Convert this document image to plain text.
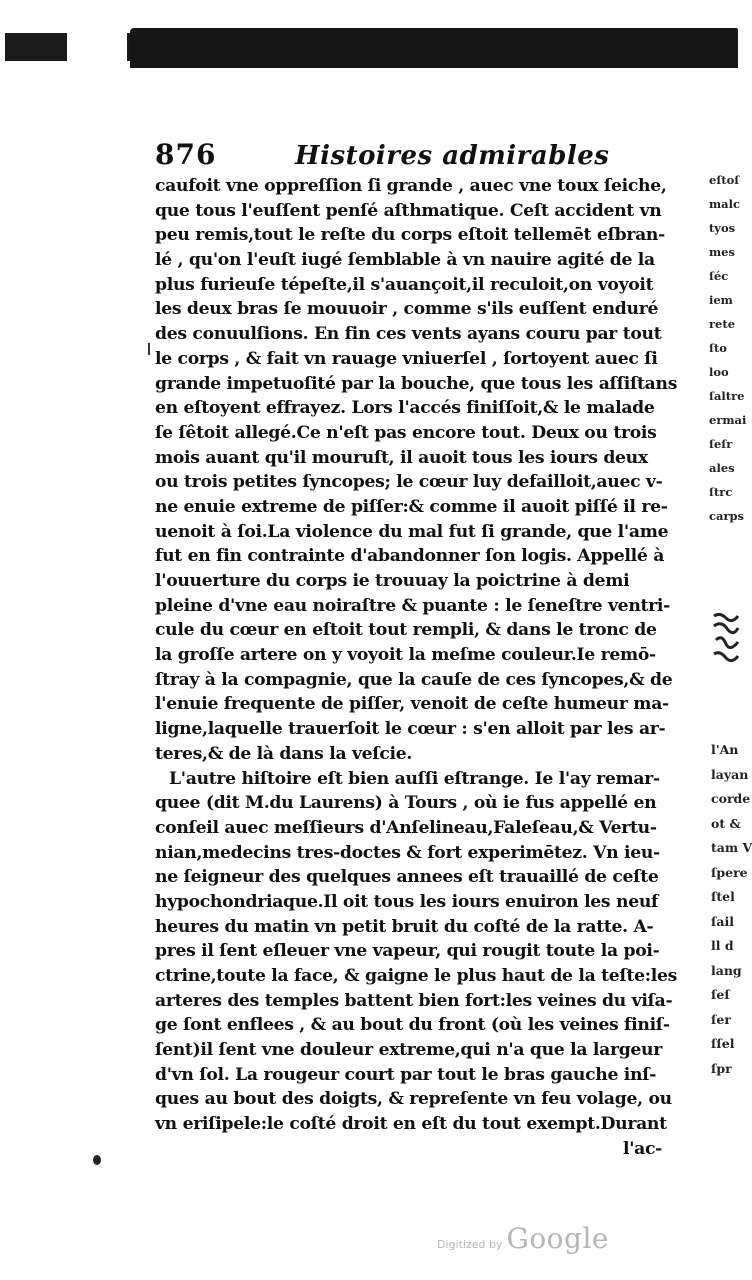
876	Histoires admirables
caufoit vne oppreſſion ſi grande , auec vne toux ſeiche,
que tous l'euſſent penſé aſthmatique. Ceſt accident vn
peu remis,tout le reſte du corps eſtoit tellemēt eſbran-
lé , qu'on l'euſt iugé ſemblable à vn nauire agité de la
plus furieuſe tépeſte,il s'auançoit,il reculoit,on voyoit
les deux bras ſe mouuoir , comme s'ils euſſent enduré
des conuulſions. En fin ces vents ayans couru par tout
le corps , & fait vn rauage vniuerſel , ſortoyent auec ſi
grande impetuoſité par la bouche, que tous les aſſiſtans
en eſtoyent effrayez. Lors l'accés finiſſoit,& le malade
ſe ſêtoit allegé.Ce n'eſt pas encore tout. Deux ou trois
mois auant qu'il mouruſt, il auoit tous les iours deux
ou trois petites ſyncopes; le cœur luy defailloit,auec v-
ne enuie extreme de piſſer:& comme il auoit piſſé il re-
uenoit à ſoi.La violence du mal fut ſi grande, que l'ame
fut en fin contrainte d'abandonner ſon logis. Appellé à
l'ouuerture du corps ie trouuay la poictrine à demi
pleine d'vne eau noiraſtre & puante : le ſeneſtre ventri-
cule du cœur en eſtoit tout rempli, & dans le tronc de
la groſſe artere on y voyoit la meſme couleur.Ie remō-
ſtray à la compagnie, que la cauſe de ces ſyncopes,& de
l'enuie frequente de piſſer, venoit de ceſte humeur ma-
ligne,laquelle trauerſoit le cœur : s'en alloit par les ar-
teres,& de là dans la veſcie.
L'autre hiſtoire eſt bien auſſi eſtrange. Ie l'ay remar-
quee (dit M.du Laurens) à Tours , où ie fus appellé en
conſeil auec meſſieurs d'Anſelineau,Faleſeau,& Vertu-
nian,medecins tres-doctes & fort experimētez. Vn ieu-
ne ſeigneur des quelques annees eſt trauaillé de ceſte
hypochondriaque.Il oit tous les iours enuiron les neuf
heures du matin vn petit bruit du coſté de la ratte. A-
pres il ſent eſleuer vne vapeur, qui rougit toute la poi-
ctrine,toute la face, & gaigne le plus haut de la teſte:les
arteres des temples battent bien fort:les veines du viſa-
ge ſont enflees , & au bout du front (où les veines finiſ-
ſent)il ſent vne douleur extreme,qui n'a que la largeur
d'vn ſol. La rougeur court par tout le bras gauche inſ-
ques au bout des doigts, & repreſente vn feu volage, ou
vn eriſipele:le coſté droit en eſt du tout exempt.Durant
l'ac-
eſtoſ
malc
tyos
mes
ſéc
iem
rete
ſto
loo
ſaltre
ermai
ſeſr
ales
ſtrc
carps
l'An
layan
corde
ot &
tam V
ſpere
ſtel
ſail
ll d
lang
ſeſ
ſer
ſſel
ſpr
Digitized by Google
